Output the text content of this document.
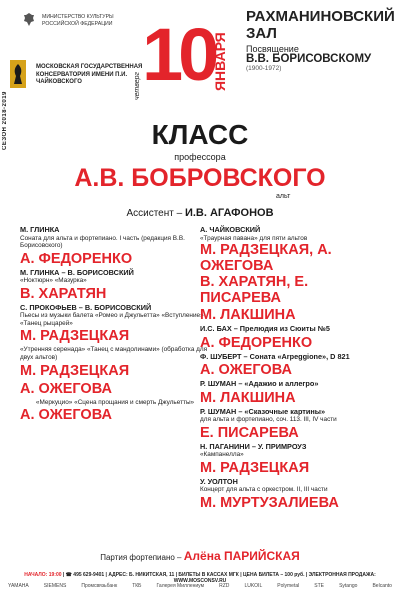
СЕЗОН 2018-2019
МИНИСТЕРСТВО КУЛЬТУРЫ РОССИЙСКОЙ ФЕДЕРАЦИИ
МОСКОВСКАЯ ГОСУДАРСТВЕННАЯ КОНСЕРВАТОРИЯ ИМЕНИ П.И. ЧАЙКОВСКОГО	четверг 10
ЯНВАРЯ
РАХМАНИНОВСКИЙ ЗАЛ
Посвящение
В.В. БОРИСОВСКОМУ
(1900-1972)
КЛАСС
профессора
А.В. БОБРОВСКОГО
альт
Ассистент – И.В. АГАФОНОВ
М. ГЛИНКА
Соната для альта и фортепиано. I часть (редакция В.В. Борисовского)
А. ФЕДОРЕНКО
М. ГЛИНКА – В. БОРИСОВСКИЙ
«Ноктюрн» «Мазурка»
В. ХАРАТЯН
С. ПРОКОФЬЕВ – В. БОРИСОВСКИЙ
Пьесы из музыки балета «Ромео и Джульетта» «Вступление» «Танец рыцарей»
М. РАДЗЕЦКАЯ
«Утренняя серенада» «Танец с мандолинами» (обработка для двух альтов)
М. РАДЗЕЦКАЯ
А. ОЖЕГОВА
«Меркуцио» «Сцена прощания и смерть Джульетты»
А. ОЖЕГОВА
А. ЧАЙКОВСКИЙ
«Траурная павана» для пяти альтов
М. РАДЗЕЦКАЯ, А. ОЖЕГОВА
В. ХАРАТЯН, Е. ПИСАРЕВА
М. ЛАКШИНА
И.С. БАХ – Прелюдия из Сюиты №5
А. ФЕДОРЕНКО
Ф. ШУБЕРТ – Соната «Arpeggione», D 821
А. ОЖЕГОВА
Р. ШУМАН – «Адажио и аллегро»
М. ЛАКШИНА
Р. ШУМАН – «Сказочные картины»
для альта и фортепиано, соч. 113. III, IV части
Е. ПИСАРЕВА
Н. ПАГАНИНИ – У. ПРИМРОУЗ
«Кампанелла»
М. РАДЗЕЦКАЯ
У. УОЛТОН
Концерт для альта с оркестром. II, III части
М. МУРТУЗАЛИЕВА
Партия фортепиано – Алёна ПАРИЙСКАЯ
НАЧАЛО: 19:00 | ☎ 495 629-9401 | АДРЕС: Б. НИКИТСКАЯ, 11 | БИЛЕТЫ В КАССАХ МГК | ЦЕНА БИЛЕТА – 100 руб. | ЭЛЕКТРОННАЯ ПРОДАЖА: WWW.MOSCONSV.RU
YAMAHA	SIEMENS	Промсвязьбанк	ТКБ	Галерея Миллениум	RZD	LUKOIL	Polymetal	STE	Sytango	Belcanto
